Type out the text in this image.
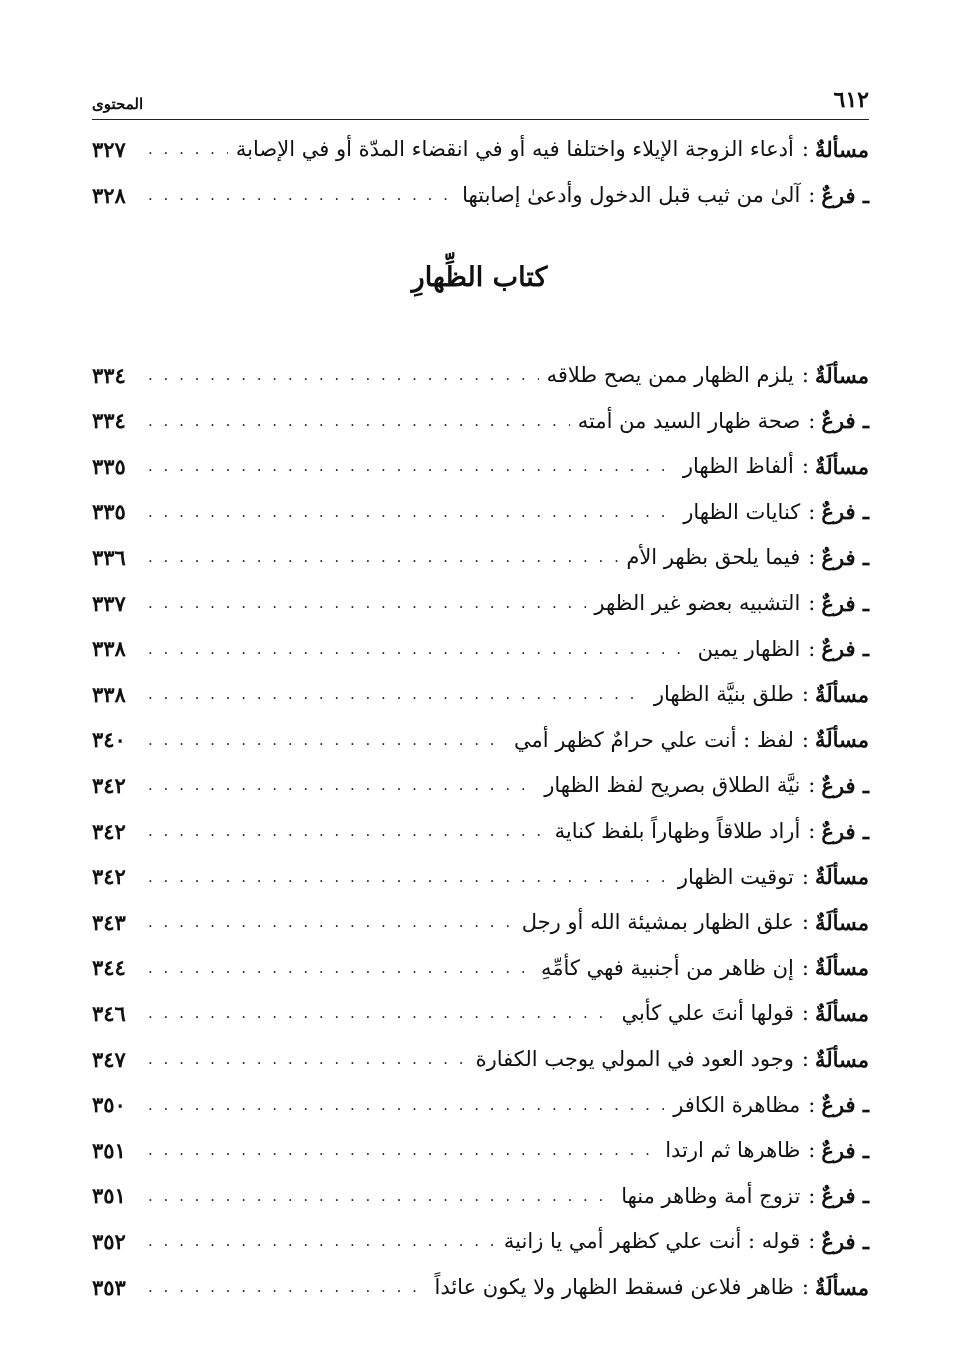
المحتوى	٦١٢
مسألةٌ
:
أدعاء الزوجة الإيلاء واختلفا فيه أو في انقضاء المدّة أو في الإصابة
. . .
٣٢٧
ـ فرعٌ
:
آلىٰ من ثيب قبل الدخول وأدعىٰ إصابتها
. . .
٣٢٨
كتاب الظِّهارِ
مسألَةٌ
:
يلزم الظهار ممن يصح طلاقه
. . .
٣٣٤
ـ فرعٌ
:
صحة ظهار السيد من أمته
. . .
٣٣٤
مسألَةٌ
:
ألفاظ الظهار
. . .
٣٣٥
ـ فرعٌ
:
كنايات الظهار
. . .
٣٣٥
ـ فرعٌ
:
فيما يلحق بظهر الأم
. . .
٣٣٦
ـ فرعٌ
:
التشبيه بعضو غير الظهر
. . .
٣٣٧
ـ فرعٌ
:
الظهار يمين
. . .
٣٣٨
مسألَةٌ
:
طلق بنيَّة الظهار
. . .
٣٣٨
مسألَةٌ
:
لفظ : أنت علي حرامٌ كظهر أمي
. . .
٣٤٠
ـ فرعٌ
:
نيَّة الطلاق بصريح لفظ الظهار
. . .
٣٤٢
ـ فرعٌ
:
أراد طلاقاً وظهاراً بلفظ كناية
. . .
٣٤٢
مسألَةٌ
:
توقيت الظهار
. . .
٣٤٢
مسألَةٌ
:
علق الظهار بمشيئة الله أو رجل
. . .
٣٤٣
مسألَةٌ
:
إن ظاهر من أجنبية فهي كأمِّهِ
. . .
٣٤٤
مسألَةٌ
:
قولها أنتَ علي كأبي
. . .
٣٤٦
مسألَةٌ
:
وجود العود في المولي يوجب الكفارة
. . .
٣٤٧
ـ فرعٌ
:
مظاهرة الكافر
. . .
٣٥٠
ـ فرعٌ
:
ظاهرها ثم ارتدا
. . .
٣٥١
ـ فرعٌ
:
تزوج أمة وظاهر منها
. . .
٣٥١
ـ فرعٌ
:
قوله : أنت علي كظهر أمي يا زانية
. . .
٣٥٢
مسألَةٌ
:
ظاهر فلاعن فسقط الظهار ولا يكون عائداً
. . .
٣٥٣
